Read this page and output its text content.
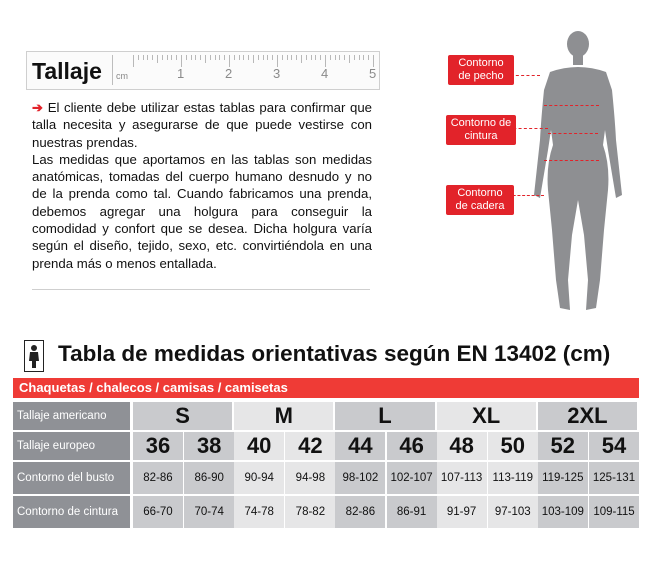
Tallaje cm	1	2	3	4	5
➔ El cliente debe utilizar estas tablas para confirmar que talla necesita y asegurarse de que puede vestirse con nuestras prendas.
Las medidas que aportamos en las tablas son medidas anatómicas, tomadas del cuerpo humano desnudo y no de la prenda como tal. Cuando fabricamos una prenda, debemos agregar una holgura para conseguir la comodidad y confort que se desea. Dicha holgura varía según el diseño, tejido, sexo, etc. convirtiéndola en una prenda más o menos entallada.
Contorno de pecho
Contorno de cintura
Contorno de cadera
Tabla de medidas orientativas según EN 13402 (cm)
Chaquetas / chalecos / camisas / camisetas
Tallaje americano	S	M	L	XL	2XL
Tallaje europeo	36	38	40	42	44	46	48	50	52	54
Contorno del busto	82-86	86-90	90-94	94-98	98-102	102-107 107-113 113-119 119-125 125-131
Contorno de cintura	66-70	70-74	74-78	78-82	82-86	86-91	91-97	97-103 103-109 109-115
